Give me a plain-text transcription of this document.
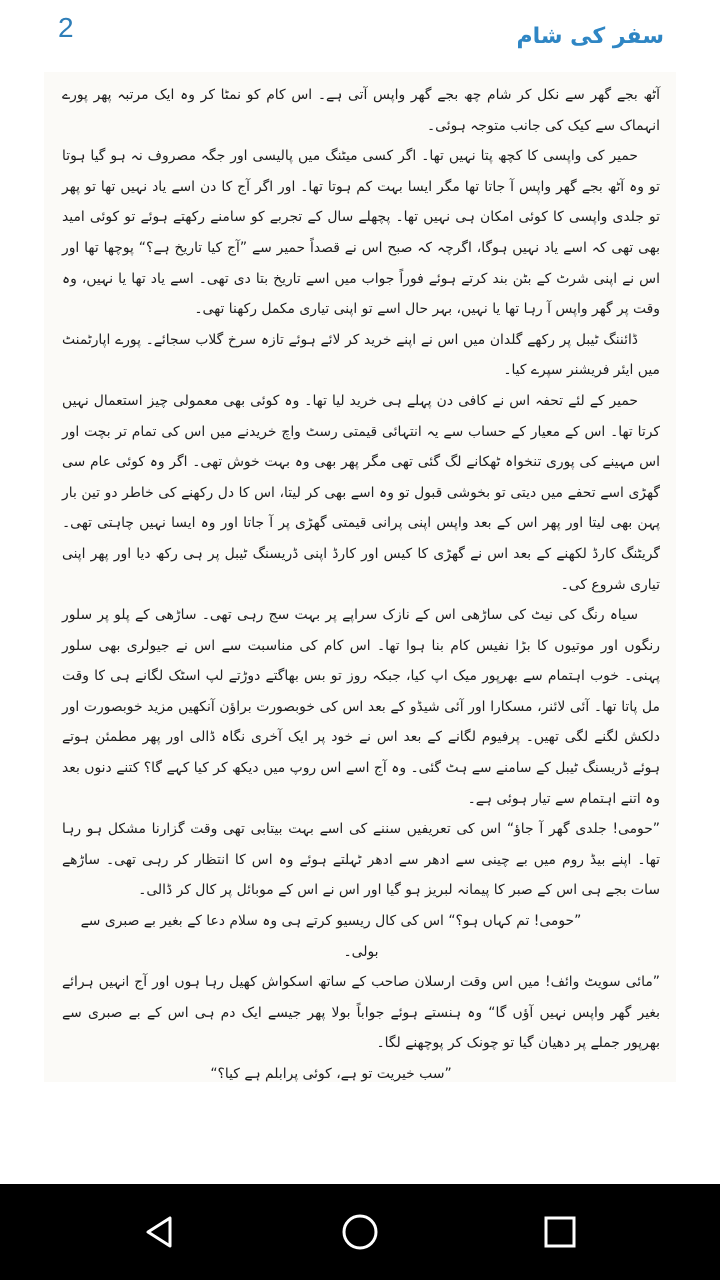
2	سفر کی شام

آٹھ بجے گھر سے نکل کر شام چھ بجے گھر واپس آتی ہے۔ اس کام کو نمٹا کر وہ ایک مرتبہ پھر پورے انہماک سے کیک کی جانب متوجہ ہوئی۔

حمیر کی واپسی کا کچھ پتا نہیں تھا۔ اگر کسی میٹنگ میں پالیسی اور جگہ مصروف نہ ہو گیا ہوتا تو وہ آٹھ بجے گھر واپس آ جاتا تھا مگر ایسا بہت کم ہوتا تھا۔ اور اگر آج کا دن اسے یاد نہیں تھا تو پھر تو جلدی واپسی کا کوئی امکان ہی نہیں تھا۔ پچھلے سال کے تجربے کو سامنے رکھتے ہوئے تو کوئی امید بھی تھی کہ اسے یاد نہیں ہوگا، اگرچہ کہ صبح اس نے قصداً حمیر سے ”آج کیا تاریخ ہے؟“ پوچھا تھا اور اس نے اپنی شرٹ کے بٹن بند کرتے ہوئے فوراً جواب میں اسے تاریخ بتا دی تھی۔ اسے یاد تھا یا نہیں، وہ وقت پر گھر واپس آ رہا تھا یا نہیں، بہر حال اسے تو اپنی تیاری مکمل رکھنا تھی۔

ڈائننگ ٹیبل پر رکھے گلدان میں اس نے اپنے خرید کر لائے ہوئے تازہ سرخ گلاب سجائے۔ پورے اپارٹمنٹ میں ایئر فریشنر سپرے کیا۔

حمیر کے لئے تحفہ اس نے کافی دن پہلے ہی خرید لیا تھا۔ وہ کوئی بھی معمولی چیز استعمال نہیں کرتا تھا۔ اس کے معیار کے حساب سے یہ انتہائی قیمتی رسٹ واچ خریدنے میں اس کی تمام تر بچت اور اس مہینے کی پوری تنخواہ ٹھکانے لگ گئی تھی مگر پھر بھی وہ بہت خوش تھی۔ اگر وہ کوئی عام سی گھڑی اسے تحفے میں دیتی تو بخوشی قبول تو وہ اسے بھی کر لیتا، اس کا دل رکھنے کی خاطر دو تین بار پہن بھی لیتا اور پھر اس کے بعد واپس اپنی پرانی قیمتی گھڑی پر آ جاتا اور وہ ایسا نہیں چاہتی تھی۔ گریٹنگ کارڈ لکھنے کے بعد اس نے گھڑی کا کیس اور کارڈ اپنی ڈریسنگ ٹیبل پر ہی رکھ دیا اور پھر اپنی تیاری شروع کی۔

سیاہ رنگ کی نیٹ کی ساڑھی اس کے نازک سراپے پر بہت سج رہی تھی۔ ساڑھی کے پلو پر سلور رنگوں اور موتیوں کا بڑا نفیس کام بنا ہوا تھا۔ اس کام کی مناسبت سے اس نے جیولری بھی سلور پہنی۔ خوب اہتمام سے بھرپور میک اپ کیا، جبکہ روز تو بس بھاگتے دوڑتے لپ اسٹک لگانے ہی کا وقت مل پاتا تھا۔ آئی لائنر، مسکارا اور آئی شیڈو کے بعد اس کی خوبصورت براؤن آنکھیں مزید خوبصورت اور دلکش لگنے لگی تھیں۔ پرفیوم لگانے کے بعد اس نے خود پر ایک آخری نگاہ ڈالی اور پھر مطمئن ہوتے ہوئے ڈریسنگ ٹیبل کے سامنے سے ہٹ گئی۔ وہ آج اسے اس روپ میں دیکھ کر کیا کہے گا؟ کتنے دنوں بعد وہ اتنے اہتمام سے تیار ہوئی ہے۔

”حومی! جلدی گھر آ جاؤ“ اس کی تعریفیں سننے کی اسے بہت بیتابی تھی وقت گزارنا مشکل ہو رہا تھا۔ اپنے بیڈ روم میں بے چینی سے ادھر سے ادھر ٹہلتے ہوئے وہ اس کا انتظار کر رہی تھی۔ ساڑھے سات بجے ہی اس کے صبر کا پیمانہ لبریز ہو گیا اور اس نے اس کے موبائل پر کال کر ڈالی۔

”حومی! تم کہاں ہو؟“ اس کی کال ریسیو کرتے ہی وہ سلام دعا کے بغیر بے صبری سے بولی۔

”مائی سویٹ وائف! میں اس وقت ارسلان صاحب کے ساتھ اسکواش کھیل رہا ہوں اور آج انہیں ہرائے بغیر گھر واپس نہیں آؤں گا“ وہ ہنستے ہوئے جواباً بولا پھر جیسے ایک دم ہی اس کے بے صبری سے بھرپور جملے پر دھیان گیا تو چونک کر پوچھنے لگا۔

”سب خیریت تو ہے، کوئی پرابلم ہے کیا؟“
